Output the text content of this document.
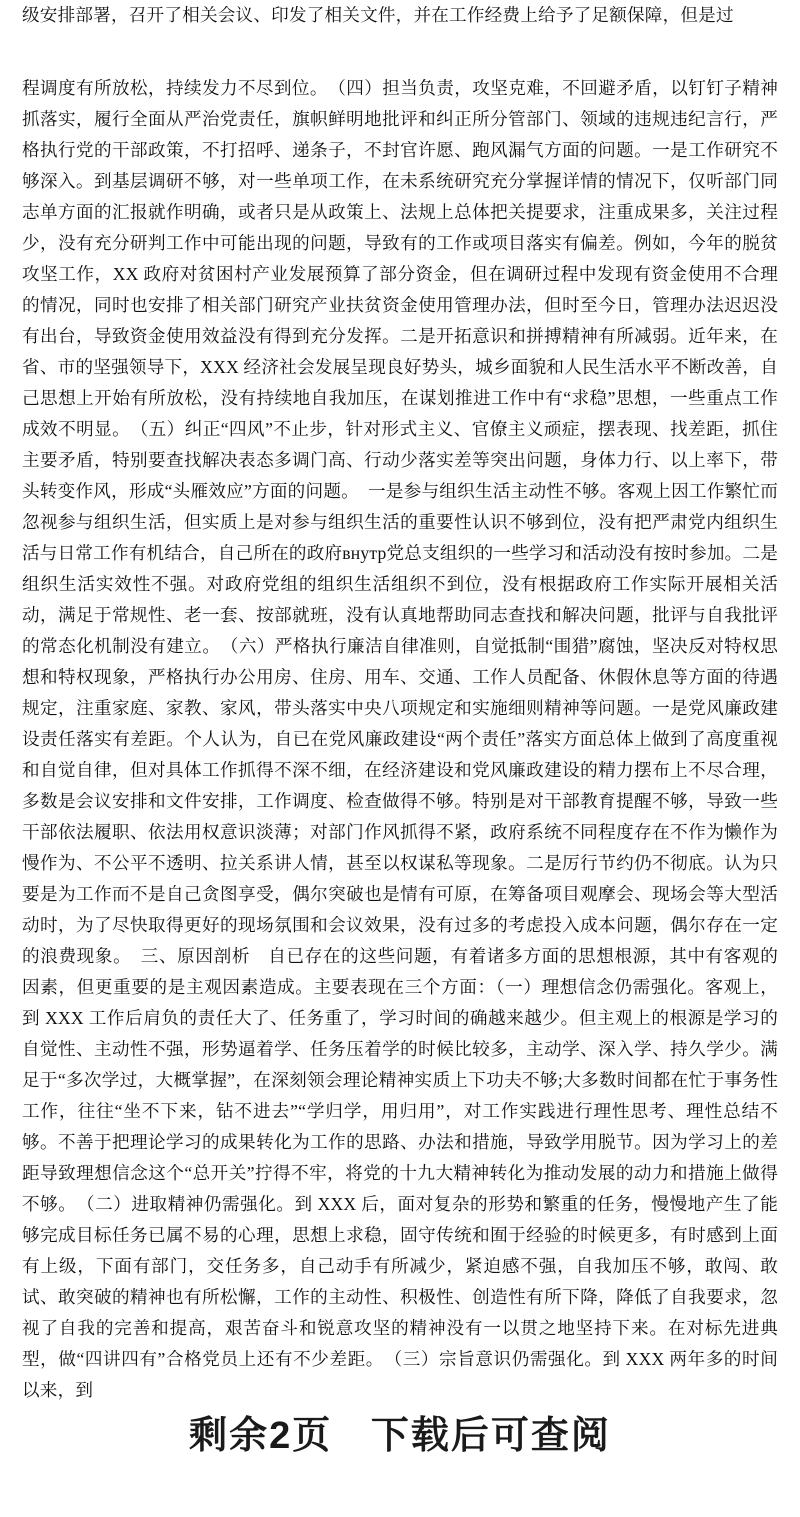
级安排部署，召开了相关会议、印发了相关文件，并在工作经费上给予了足额保障，但是过

程调度有所放松，持续发力不尽到位。　（四）担当负责，攻坚克难，不回避矛盾，以钉钉子精神抓落实，履行全面从严治党责任，旗帜鲜明地批评和纠正所分管部门、领域的违规违纪言行，严格执行党的干部政策，不打招呼、递条子，不封官许愿、跑风漏气方面的问题。一是工作研究不够深入。到基层调研不够，对一些单项工作，在未系统研究充分掌握详情的情况下，仅听部门同志单方面的汇报就作明确，或者只是从政策上、法规上总体把关提要求，注重成果多，关注过程少，没有充分研判工作中可能出现的问题，导致有的工作或项目落实有偏差。例如，今年的脱贫攻坚工作，XX 政府对贫困村产业发展预算了部分资金，但在调研过程中发现有资金使用不合理的情况，同时也安排了相关部门研究产业扶贫资金使用管理办法，但时至今日，管理办法迟迟没有出台，导致资金使用效益没有得到充分发挥。二是开拓意识和拼搏精神有所减弱。近年来，在省、市的坚强领导下，XXX 经济社会发展呈现良好势头，城乡面貌和人民生活水平不断改善，自己思想上开始有所放松，没有持续地自我加压，在谋划推进工作中有“求稳”思想，一些重点工作成效不明显。　（五）纠正“四风”不止步，针对形式主义、官僚主义顽症，摆表现、找差距，抓住主要矛盾，特别要查找解决表态多调门高、行动少落实差等突出问题，身体力行、以上率下，带头转变作风，形成“头雁效应”方面的问题。　一是参与组织生活主动性不够。客观上因工作繁忙而忽视参与组织生活，但实质上是对参与组织生活的重要性认识不够到位，没有把严肃党内组织生活与日常工作有机结合，自己所在的政府внутр党总支组织的一些学习和活动没有按时参加。二是组织生活实效性不强。对政府党组的组织生活组织不到位，没有根据政府工作实际开展相关活动，满足于常规性、老一套、按部就班，没有认真地帮助同志查找和解决问题，批评与自我批评的常态化机制没有建立。　（六）严格执行廉洁自律准则，自觉抵制“围猎”腐蚀，坚决反对特权思想和特权现象，严格执行办公用房、住房、用车、交通、工作人员配备、休假休息等方面的待遇规定，注重家庭、家教、家风，带头落实中央八项规定和实施细则精神等问题。一是党风廉政建设责任落实有差距。个人认为，自已在党风廉政建设“两个责任”落实方面总体上做到了高度重视和自觉自律，但对具体工作抓得不深不细，在经济建设和党风廉政建设的精力摆布上不尽合理，多数是会议安排和文件安排，工作调度、检查做得不够。特别是对干部教育提醒不够，导致一些干部依法履职、依法用权意识淡薄；对部门作风抓得不紧，政府系统不同程度存在不作为懒作为慢作为、不公平不透明、拉关系讲人情，甚至以权谋私等现象。二是厉行节约仍不彻底。认为只要是为工作而不是自己贪图享受，偶尔突破也是情有可原，在筹备项目观摩会、现场会等大型活动时，为了尽快取得更好的现场氛围和会议效果，没有过多的考虑投入成本问题，偶尔存在一定的浪费现象。　三、原因剖析　自已存在的这些问题，有着诸多方面的思想根源，其中有客观的因素，但更重要的是主观因素造成。主要表现在三个方面：（一）理想信念仍需强化。客观上，到 XXX 工作后肩负的责任大了、任务重了，学习时间的确越来越少。但主观上的根源是学习的自觉性、主动性不强，形势逼着学、任务压着学的时候比较多，主动学、深入学、持久学少。满足于“多次学过，大概掌握”，在深刻领会理论精神实质上下功夫不够;大多数时间都在忙于事务性工作，往往“坐不下来，钻不进去”“学归学，用归用”，对工作实践进行理性思考、理性总结不够。不善于把理论学习的成果转化为工作的思路、办法和措施，导致学用脱节。因为学习上的差距导致理想信念这个“总开关”拧得不牢，将党的十九大精神转化为推动发展的动力和措施上做得不够。　（二）进取精神仍需强化。到 XXX 后，面对复杂的形势和繁重的任务，慢慢地产生了能够完成目标任务已属不易的心理，思想上求稳，固守传统和囿于经验的时候更多，有时感到上面有上级，下面有部门，交任务多，自己动手有所减少，紧迫感不强，自我加压不够，敢闯、敢试、敢突破的精神也有所松懈，工作的主动性、积极性、创造性有所下降，降低了自我要求，忽视了自我的完善和提高，艰苦奋斗和锐意攻坚的精神没有一以贯之地坚持下来。在对标先进典型，做“四讲四有”合格党员上还有不少差距。　（三）宗旨意识仍需强化。到 XXX 两年多的时间以来，到

剩余2页 下载后可查阅
